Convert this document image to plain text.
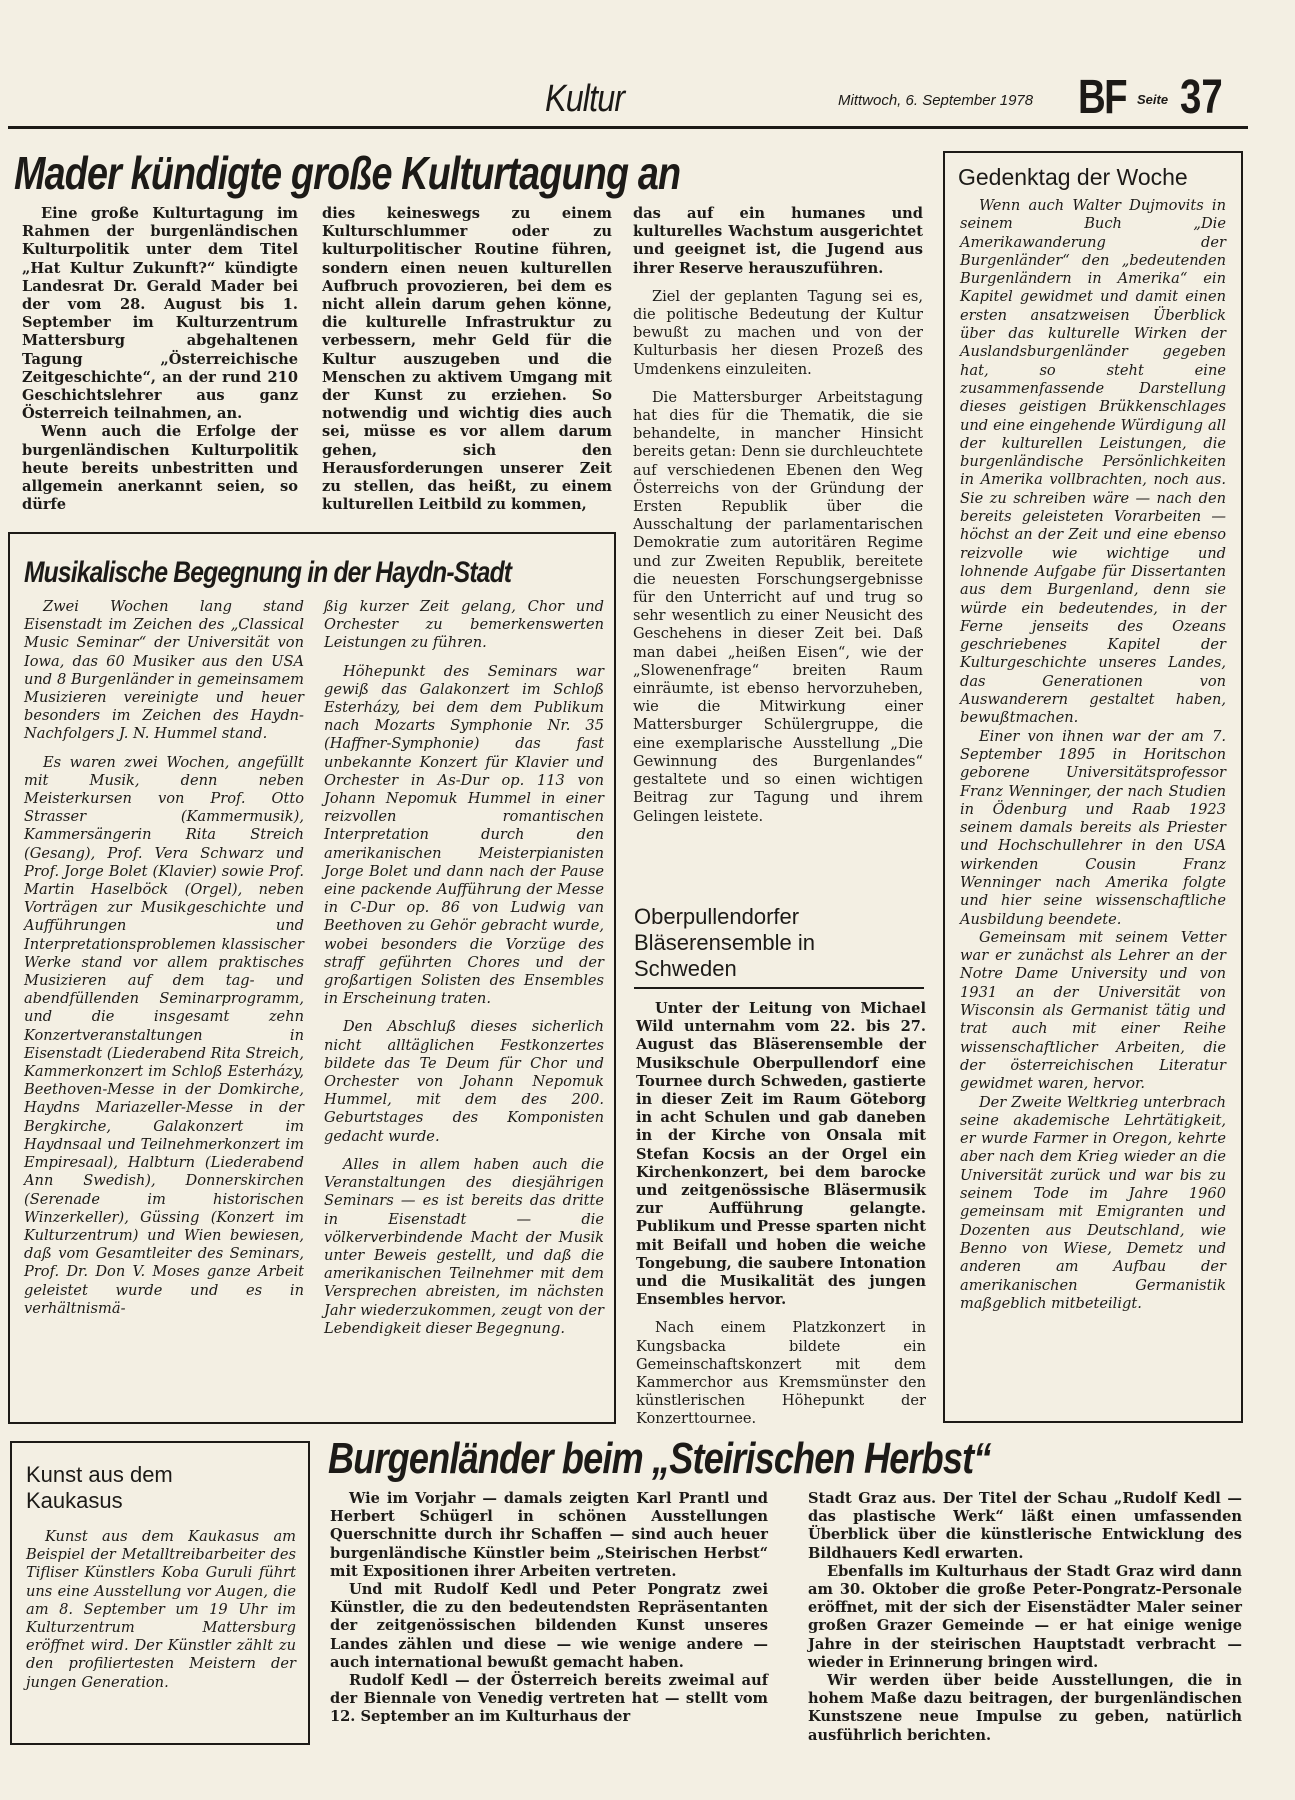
Kultur	Mittwoch, 6. September 1978 BF Seite 37
Mader kündigte große Kulturtagung an

Eine große Kulturtagung im Rahmen der burgenländischen Kulturpolitik unter dem Titel „Hat Kultur Zukunft?“ kündigte Landesrat Dr. Gerald Mader bei der vom 28. August bis 1. September im Kulturzentrum Mattersburg abgehaltenen Tagung „Österreichische Zeitgeschichte“, an der rund 210 Geschichtslehrer aus ganz Österreich teilnahmen, an.

Wenn auch die Erfolge der burgenländischen Kulturpolitik heute bereits unbestritten und allgemein anerkannt seien, so dürfe

dies keineswegs zu einem Kulturschlummer oder zu kulturpolitischer Routine führen, sondern einen neuen kulturellen Aufbruch provozieren, bei dem es nicht allein darum gehen könne, die kulturelle Infrastruktur zu verbessern, mehr Geld für die Kultur auszugeben und die Menschen zu aktivem Umgang mit der Kunst zu erziehen. So notwendig und wichtig dies auch sei, müsse es vor allem darum gehen, sich den Herausforderungen unserer Zeit zu stellen, das heißt, zu einem kulturellen Leitbild zu kommen,

das auf ein humanes und kulturelles Wachstum ausgerichtet und geeignet ist, die Jugend aus ihrer Reserve herauszuführen.

Ziel der geplanten Tagung sei es, die politische Bedeutung der Kultur bewußt zu machen und von der Kulturbasis her diesen Prozeß des Umdenkens einzuleiten.

Die Mattersburger Arbeitstagung hat dies für die Thematik, die sie behandelte, in mancher Hinsicht bereits getan: Denn sie durchleuchtete auf verschiedenen Ebenen den Weg Österreichs von der Gründung der Ersten Republik über die Ausschaltung der parlamentarischen Demokratie zum autoritären Regime und zur Zweiten Republik, bereitete die neuesten Forschungsergebnisse für den Unterricht auf und trug so sehr wesentlich zu einer Neusicht des Geschehens in dieser Zeit bei. Daß man dabei „heißen Eisen“, wie der „Slowenenfrage“ breiten Raum einräumte, ist ebenso hervorzuheben, wie die Mitwirkung einer Mattersburger Schülergruppe, die eine exemplarische Ausstellung „Die Gewinnung des Burgenlandes“ gestaltete und so einen wichtigen Beitrag zur Tagung und ihrem Gelingen leistete.

Gedenktag der Woche

Wenn auch Walter Dujmovits in seinem Buch „Die Amerikawanderung der Burgenländer“ den „bedeutenden Burgenländern in Amerika“ ein Kapitel gewidmet und damit einen ersten ansatzweisen Überblick über das kulturelle Wirken der Auslandsburgenländer gegeben hat, so steht eine zusammenfassende Darstellung dieses geistigen Brükkenschlages und eine eingehende Würdigung all der kulturellen Leistungen, die burgenländische Persönlichkeiten in Amerika vollbrachten, noch aus. Sie zu schreiben wäre — nach den bereits geleisteten Vorarbeiten — höchst an der Zeit und eine ebenso reizvolle wie wichtige und lohnende Aufgabe für Dissertanten aus dem Burgenland, denn sie würde ein bedeutendes, in der Ferne jenseits des Ozeans geschriebenes Kapitel der Kulturgeschichte unseres Landes, das Generationen von Auswanderern gestaltet haben, bewußtmachen.

Einer von ihnen war der am 7. September 1895 in Horitschon geborene Universitätsprofessor Franz Wenninger, der nach Studien in Ödenburg und Raab 1923 seinem damals bereits als Priester und Hochschullehrer in den USA wirkenden Cousin Franz Wenninger nach Amerika folgte und hier seine wissenschaftliche Ausbildung beendete.

Gemeinsam mit seinem Vetter war er zunächst als Lehrer an der Notre Dame University und von 1931 an der Universität von Wisconsin als Germanist tätig und trat auch mit einer Reihe wissenschaftlicher Arbeiten, die der österreichischen Literatur gewidmet waren, hervor.

Der Zweite Weltkrieg unterbrach seine akademische Lehrtätigkeit, er wurde Farmer in Oregon, kehrte aber nach dem Krieg wieder an die Universität zurück und war bis zu seinem Tode im Jahre 1960 gemeinsam mit Emigranten und Dozenten aus Deutschland, wie Benno von Wiese, Demetz und anderen am Aufbau der amerikanischen Germanistik maßgeblich mitbeteiligt.

Musikalische Begegnung in der Haydn-Stadt

Zwei Wochen lang stand Eisenstadt im Zeichen des „Classical Music Seminar“ der Universität von Iowa, das 60 Musiker aus den USA und 8 Burgenländer in gemeinsamem Musizieren vereinigte und heuer besonders im Zeichen des Haydn-Nachfolgers J. N. Hummel stand.

Es waren zwei Wochen, angefüllt mit Musik, denn neben Meisterkursen von Prof. Otto Strasser (Kammermusik), Kammersängerin Rita Streich (Gesang), Prof. Vera Schwarz und Prof. Jorge Bolet (Klavier) sowie Prof. Martin Haselböck (Orgel), neben Vorträgen zur Musikgeschichte und Aufführungen und Interpretationsproblemen klassischer Werke stand vor allem praktisches Musizieren auf dem tag- und abendfüllenden Seminarprogramm, und die insgesamt zehn Konzertveranstaltungen in Eisenstadt (Liederabend Rita Streich, Kammerkonzert im Schloß Esterházy, Beethoven-Messe in der Domkirche, Haydns Mariazeller-Messe in der Bergkirche, Galakonzert im Haydnsaal und Teilnehmerkonzert im Empiresaal), Halbturn (Liederabend Ann Swedish), Donnerskirchen (Serenade im historischen Winzerkeller), Güssing (Konzert im Kulturzentrum) und Wien bewiesen, daß vom Gesamtleiter des Seminars, Prof. Dr. Don V. Moses ganze Arbeit geleistet wurde und es in verhältnismä-

ßig kurzer Zeit gelang, Chor und Orchester zu bemerkenswerten Leistungen zu führen.

Höhepunkt des Seminars war gewiß das Galakonzert im Schloß Esterházy, bei dem dem Publikum nach Mozarts Symphonie Nr. 35 (Haffner-Symphonie) das fast unbekannte Konzert für Klavier und Orchester in As-Dur op. 113 von Johann Nepomuk Hummel in einer reizvollen romantischen Interpretation durch den amerikanischen Meisterpianisten Jorge Bolet und dann nach der Pause eine packende Aufführung der Messe in C-Dur op. 86 von Ludwig van Beethoven zu Gehör gebracht wurde, wobei besonders die Vorzüge des straff geführten Chores und der großartigen Solisten des Ensembles in Erscheinung traten.

Den Abschluß dieses sicherlich nicht alltäglichen Festkonzertes bildete das Te Deum für Chor und Orchester von Johann Nepomuk Hummel, mit dem des 200. Geburtstages des Komponisten gedacht wurde.

Alles in allem haben auch die Veranstaltungen des diesjährigen Seminars — es ist bereits das dritte in Eisenstadt — die völkerverbindende Macht der Musik unter Beweis gestellt, und daß die amerikanischen Teilnehmer mit dem Versprechen abreisten, im nächsten Jahr wiederzukommen, zeugt von der Lebendigkeit dieser Begegnung.

Oberpullendorfer Bläserensemble in Schweden

Unter der Leitung von Michael Wild unternahm vom 22. bis 27. August das Bläserensemble der Musikschule Oberpullendorf eine Tournee durch Schweden, gastierte in dieser Zeit im Raum Göteborg in acht Schulen und gab daneben in der Kirche von Onsala mit Stefan Kocsis an der Orgel ein Kirchenkonzert, bei dem barocke und zeitgenössische Bläsermusik zur Aufführung gelangte. Publikum und Presse sparten nicht mit Beifall und hoben die weiche Tongebung, die saubere Intonation und die Musikalität des jungen Ensembles hervor.

Nach einem Platzkonzert in Kungsbacka bildete ein Gemeinschaftskonzert mit dem Kammerchor aus Kremsmünster den künstlerischen Höhepunkt der Konzerttournee.

Kunst aus dem Kaukasus

Kunst aus dem Kaukasus am Beispiel der Metalltreibarbeiter des Tifliser Künstlers Koba Guruli führt uns eine Ausstellung vor Augen, die am 8. September um 19 Uhr im Kulturzentrum Mattersburg eröffnet wird. Der Künstler zählt zu den profiliertesten Meistern der jungen Generation.

Burgenländer beim „Steirischen Herbst“

Wie im Vorjahr — damals zeigten Karl Prantl und Herbert Schügerl in schönen Ausstellungen Querschnitte durch ihr Schaffen — sind auch heuer burgenländische Künstler beim „Steirischen Herbst“ mit Expositionen ihrer Arbeiten vertreten.

Und mit Rudolf Kedl und Peter Pongratz zwei Künstler, die zu den bedeutendsten Repräsentanten der zeitgenössischen bildenden Kunst unseres Landes zählen und diese — wie wenige andere — auch international bewußt gemacht haben.

Rudolf Kedl — der Österreich bereits zweimal auf der Biennale von Venedig vertreten hat — stellt vom 12. September an im Kulturhaus der

Stadt Graz aus. Der Titel der Schau „Rudolf Kedl — das plastische Werk“ läßt einen umfassenden Überblick über die künstlerische Entwicklung des Bildhauers Kedl erwarten.

Ebenfalls im Kulturhaus der Stadt Graz wird dann am 30. Oktober die große Peter-Pongratz-Personale eröffnet, mit der sich der Eisenstädter Maler seiner großen Grazer Gemeinde — er hat einige wenige Jahre in der steirischen Hauptstadt verbracht — wieder in Erinnerung bringen wird.

Wir werden über beide Ausstellungen, die in hohem Maße dazu beitragen, der burgenländischen Kunstszene neue Impulse zu geben, natürlich ausführlich berichten.
